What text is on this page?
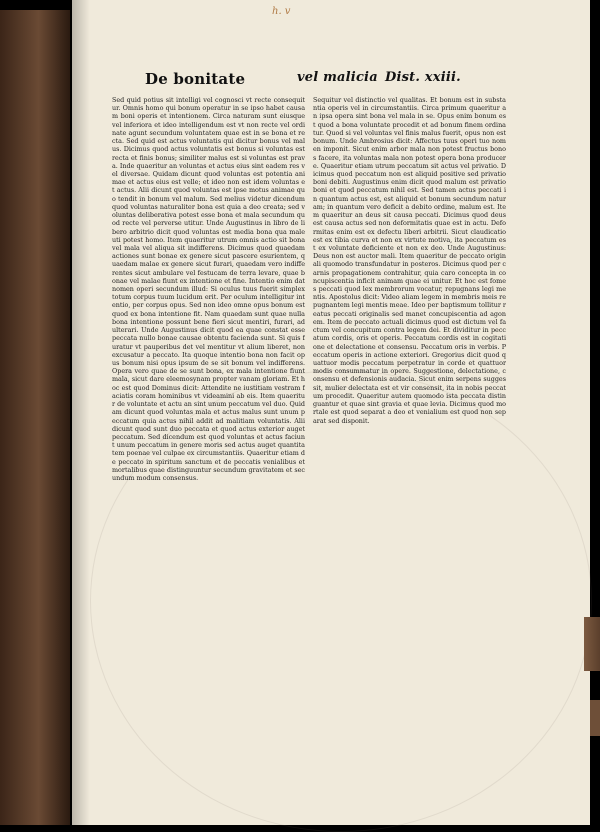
h. v
De bonitate	vel malicia Dist. xxiii.

Sed quid potius sit intelligi vel cognosci vt recte consequitur. Omnis homo qui bonum operatur in se ipso habet causam boni operis et intentionem. Circa naturam sunt eiusque vel inferiora et ideo intelligendum est vt non recte vel ordinate agunt secundum voluntatem quae est in se bona et recta. Sed quid est actus voluntatis qui dicitur bonus vel malus. Dicimus quod actus voluntatis est bonus si voluntas est recta et finis bonus; similiter malus est si voluntas est prava. Inde quaeritur an voluntas et actus eius sint eadem res vel diversae. Quidam dicunt quod voluntas est potentia animae et actus eius est velle; et ideo non est idem voluntas et actus. Alii dicunt quod voluntas est ipse motus animae quo tendit in bonum vel malum. Sed melius videtur dicendum quod voluntas naturaliter bona est quia a deo creata; sed voluntas deliberativa potest esse bona et mala secundum quod recte vel perverse utitur. Unde Augustinus in libro de libero arbitrio dicit quod voluntas est media bona qua male uti potest homo. Item quaeritur utrum omnis actio sit bona vel mala vel aliqua sit indifferens. Dicimus quod quaedam actiones sunt bonae ex genere sicut pascere esurientem, quaedam malae ex genere sicut furari, quaedam vero indifferentes sicut ambulare vel festucam de terra levare, quae bonae vel malae fiunt ex intentione et fine. Intentio enim dat nomen operi secundum illud: Si oculus tuus fuerit simplex totum corpus tuum lucidum erit. Per oculum intelligitur intentio, per corpus opus. Sed non ideo omne opus bonum est quod ex bona intentione fit. Nam quaedam sunt quae nulla bona intentione possunt bene fieri sicut mentiri, furari, adulterari. Unde Augustinus dicit quod ea quae constat esse peccata nullo bonae causae obtentu facienda sunt. Si quis furatur vt pauperibus det vel mentitur vt alium liberet, non excusatur a peccato. Ita quoque intentio bona non facit opus bonum nisi opus ipsum de se sit bonum vel indifferens. Opera vero quae de se sunt bona, ex mala intentione fiunt mala, sicut dare eleemosynam propter vanam gloriam. Et hoc est quod Dominus dicit: Attendite ne iustitiam vestram faciatis coram hominibus vt videamini ab eis. Item quaeritur de voluntate et actu an sint unum peccatum vel duo. Quidam dicunt quod voluntas mala et actus malus sunt unum peccatum quia actus nihil addit ad malitiam voluntatis. Alii dicunt quod sunt duo peccata et quod actus exterior auget peccatum. Sed dicendum est quod voluntas et actus faciunt unum peccatum in genere moris sed actus auget quantitatem poenae vel culpae ex circumstantiis. Quaeritur etiam de peccato in spiritum sanctum et de peccatis venialibus et mortalibus quae distinguuntur secundum gravitatem et secundum modum consensus.

Sequitur vel distinctio vel qualitas. Et bonum est in substantia operis vel in circumstantiis. Circa primum quaeritur an ipsa opera sint bona vel mala in se. Opus enim bonum est quod a bona voluntate procedit et ad bonum finem ordinatur. Quod si vel voluntas vel finis malus fuerit, opus non est bonum. Unde Ambrosius dicit: Affectus tuus operi tuo nomen imponit. Sicut enim arbor mala non potest fructus bonos facere, ita voluntas mala non potest opera bona producere. Quaeritur etiam utrum peccatum sit actus vel privatio. Dicimus quod peccatum non est aliquid positive sed privatio boni debiti. Augustinus enim dicit quod malum est privatio boni et quod peccatum nihil est. Sed tamen actus peccati in quantum actus est, est aliquid et bonum secundum naturam; in quantum vero deficit a debito ordine, malum est. Item quaeritur an deus sit causa peccati. Dicimus quod deus est causa actus sed non deformitatis quae est in actu. Deformitas enim est ex defectu liberi arbitrii. Sicut claudicatio est ex tibia curva et non ex virtute motiva, ita peccatum est ex voluntate deficiente et non ex deo. Unde Augustinus: Deus non est auctor mali. Item quaeritur de peccato originali quomodo transfundatur in posteros. Dicimus quod per carnis propagationem contrahitur, quia caro concepta in concupiscentia inficit animam quae ei unitur. Et hoc est fomes peccati quod lex membrorum vocatur, repugnans legi mentis. Apostolus dicit: Video aliam legem in membris meis repugnantem legi mentis meae. Ideo per baptismum tollitur reatus peccati originalis sed manet concupiscentia ad agonem. Item de peccato actuali dicimus quod est dictum vel factum vel concupitum contra legem dei. Et dividitur in peccatum cordis, oris et operis. Peccatum cordis est in cogitatione et delectatione et consensu. Peccatum oris in verbis. Peccatum operis in actione exteriori. Gregorius dicit quod quattuor modis peccatum perpetratur in corde et quattuor modis consummatur in opere. Suggestione, delectatione, consensu et defensionis audacia. Sicut enim serpens suggessit, mulier delectata est et vir consensit, ita in nobis peccatum procedit. Quaeritur autem quomodo ista peccata distinguantur et quae sint gravia et quae levia. Dicimus quod mortale est quod separat a deo et venialium est quod non separat sed disponit.
